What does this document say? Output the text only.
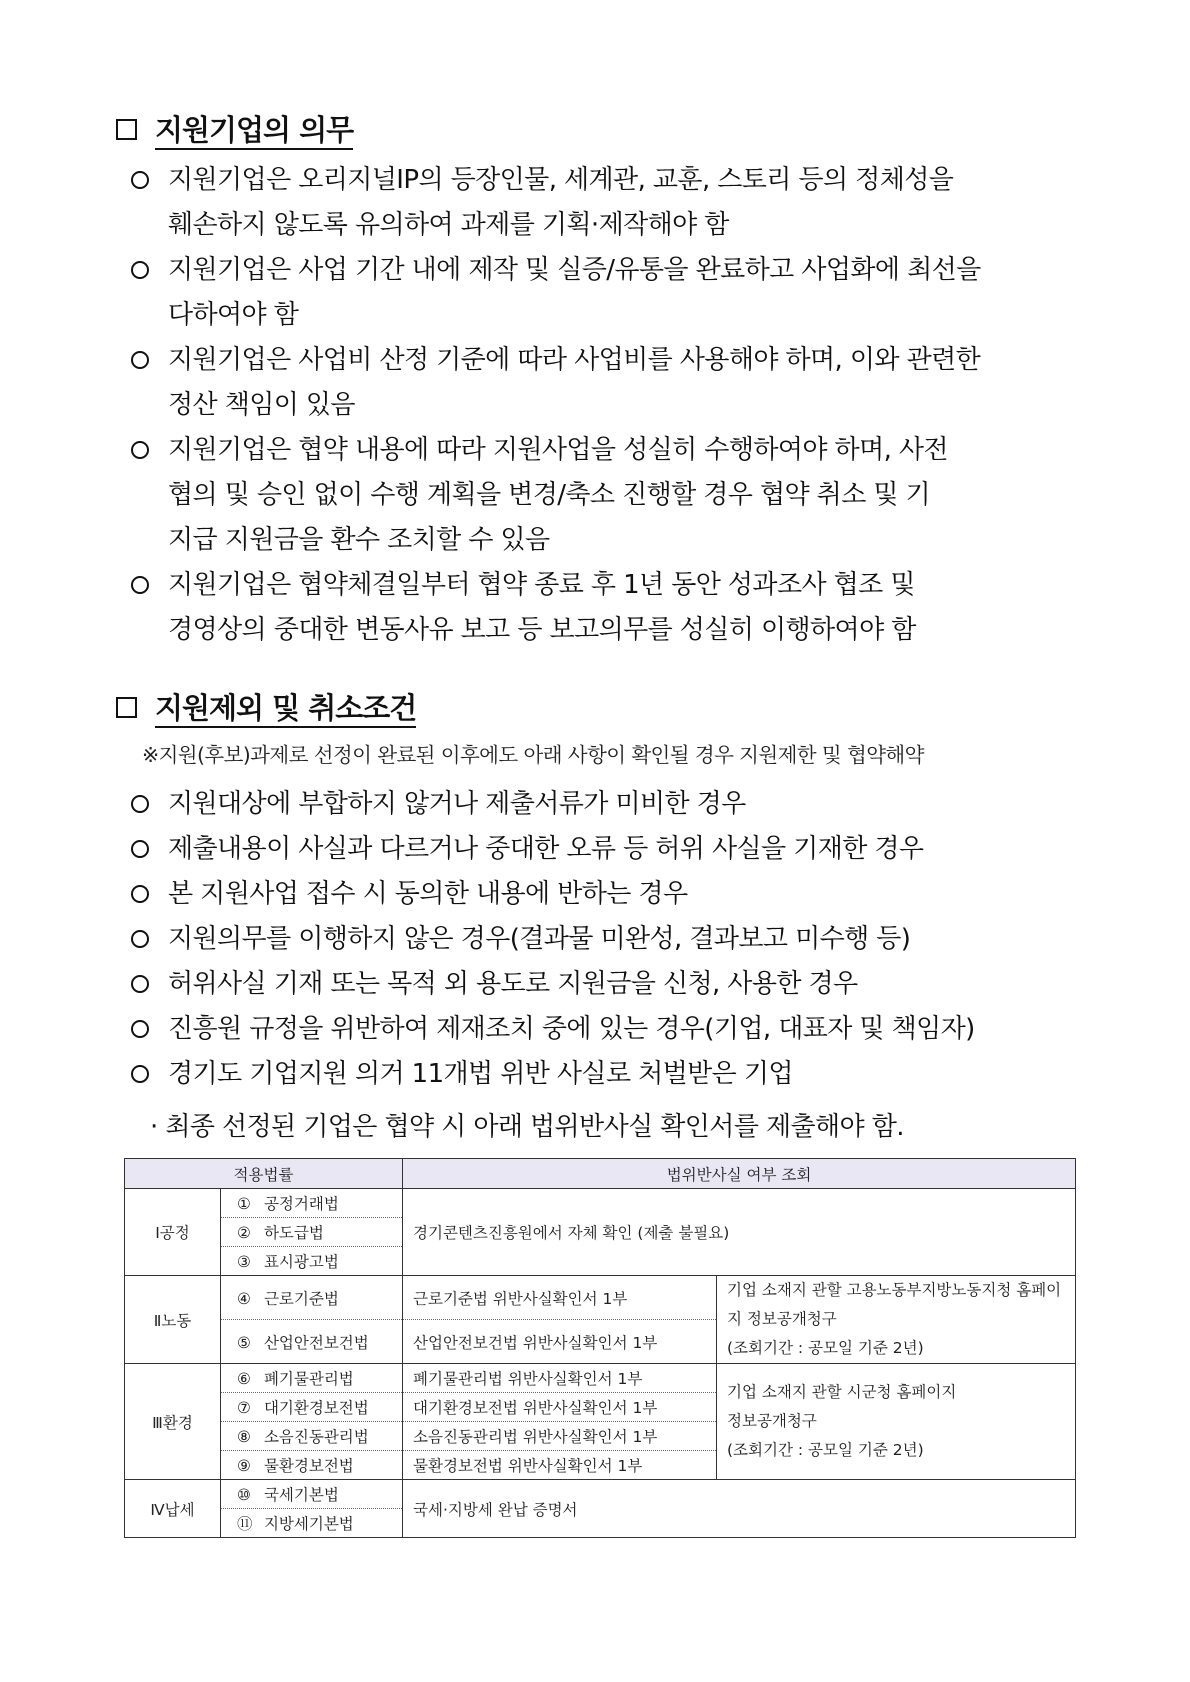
지원기업의 의무
지원기업은 오리지널IP의 등장인물, 세계관, 교훈, 스토리 등의 정체성을
훼손하지 않도록 유의하여 과제를 기획·제작해야 함
지원기업은 사업 기간 내에 제작 및 실증/유통을 완료하고 사업화에 최선을
다하여야 함
지원기업은 사업비 산정 기준에 따라 사업비를 사용해야 하며, 이와 관련한
정산 책임이 있음
지원기업은 협약 내용에 따라 지원사업을 성실히 수행하여야 하며, 사전
협의 및 승인 없이 수행 계획을 변경/축소 진행할 경우 협약 취소 및 기
지급 지원금을 환수 조치할 수 있음
지원기업은 협약체결일부터 협약 종료 후 1년 동안 성과조사 협조 및
경영상의 중대한 변동사유 보고 등 보고의무를 성실히 이행하여야 함
지원제외 및 취소조건
※지원(후보)과제로 선정이 완료된 이후에도 아래 사항이 확인될 경우 지원제한 및 협약해약
지원대상에 부합하지 않거나 제출서류가 미비한 경우
제출내용이 사실과 다르거나 중대한 오류 등 허위 사실을 기재한 경우
본 지원사업 접수 시 동의한 내용에 반하는 경우
지원의무를 이행하지 않은 경우(결과물 미완성, 결과보고 미수행 등)
허위사실 기재 또는 목적 외 용도로 지원금을 신청, 사용한 경우
진흥원 규정을 위반하여 제재조치 중에 있는 경우(기업, 대표자 및 책임자)
경기도 기업지원 의거 11개법 위반 사실로 처벌받은 기업
· 최종 선정된 기업은 협약 시 아래 법위반사실 확인서를 제출해야 함.
적용법률		법위반사실 여부 조회	
Ⅰ공정	① 공정거래법	경기콘텐츠진흥원에서 자체 확인 (제출 불필요)	
	② 하도급법		
	③ 표시광고법		
Ⅱ노동	④ 근로기준법	근로기준법 위반사실확인서 1부	기업 소재지 관할 고용노동부지방노동지청 홈페이
지 정보공개청구
(조회기간 : 공모일 기준 2년)
	⑤ 산업안전보건법	산업안전보건법 위반사실확인서 1부	
Ⅲ환경	⑥ 폐기물관리법	폐기물관리법 위반사실확인서 1부	기업 소재지 관할 시군청 홈페이지
정보공개청구
(조회기간 : 공모일 기준 2년)
	⑦ 대기환경보전법	대기환경보전법 위반사실확인서 1부	
	⑧ 소음진동관리법	소음진동관리법 위반사실확인서 1부	
	⑨ 물환경보전법	물환경보전법 위반사실확인서 1부	
Ⅳ납세	⑩ 국세기본법	국세·지방세 완납 증명서	
	⑪ 지방세기본법		
